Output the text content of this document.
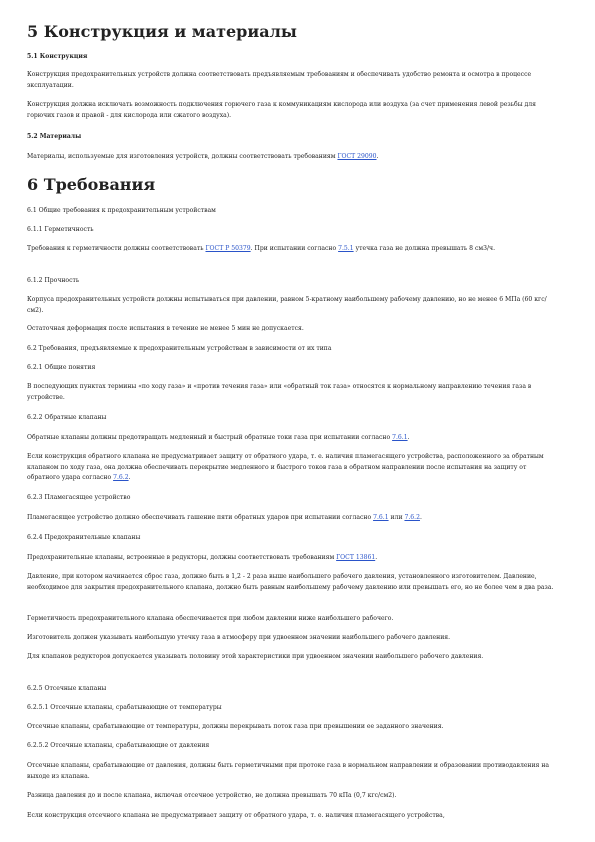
5 Конструкция и материалы
5.1 Конструкция
Конструкция предохранительных устройств должна соответствовать предъявляемым требованиям и обеспечивать удобство ремонта и осмотра в процессе эксплуатации.
Конструкция должна исключать возможность подключения горючего газа к коммуникациям кислорода или воздуха (за счет применения левой резьбы для горючих газов и правой - для кислорода или сжатого воздуха).
5.2 Материалы
Материалы, используемые для изготовления устройств, должны соответствовать требованиям ГОСТ 29090.
6 Требования
6.1 Общие требования к предохранительным устройствам
6.1.1 Герметичность
Требования к герметичности должны соответствовать ГОСТ Р 50379. При испытании согласно 7.5.1 утечка газа не должна превышать 8 см3/ч.
6.1.2 Прочность
Корпуса предохранительных устройств должны испытываться при давлении, равном 5-кратному наибольшему рабочему давлению, но не менее 6 МПа (60 кгс/см2).
Остаточная деформация после испытания в течение не менее 5 мин не допускается.
6.2 Требования, предъявляемые к предохранительным устройствам в зависимости от их типа
6.2.1 Общие понятия
В последующих пунктах термины «по ходу газа» и «против течения газа» или «обратный ток газа» относятся к нормальному направлению течения газа в устройстве.
6.2.2 Обратные клапаны
Обратные клапаны должны предотвращать медленный и быстрый обратные токи газа при испытании согласно 7.6.1.
Если конструкция обратного клапана не предусматривает защиту от обратного удара, т. е. наличия пламегасящего устройства, расположенного за обратным клапаном по ходу газа, она должна обеспечивать перекрытие медленного и быстрого токов газа в обратном направлении после испытания на защиту от обратного удара согласно 7.6.2.
6.2.3 Пламегасящее устройство
Пламегасящее устройство должно обеспечивать гашение пяти обратных ударов при испытании согласно 7.6.1 или 7.6.2.
6.2.4 Предохранительные клапаны
Предохранительные клапаны, встроенные в редукторы, должны соответствовать требованиям ГОСТ 13861.
Давление, при котором начинается сброс газа, должно быть в 1,2 - 2 раза выше наибольшего рабочего давления, установленного изготовителем. Давление, необходимое для закрытия предохранительного клапана, должно быть равным наибольшему рабочему давлению или превышать его, но не более чем в два раза.
Герметичность предохранительного клапана обеспечивается при любом давлении ниже наибольшего рабочего.
Изготовитель должен указывать наибольшую утечку газа в атмосферу при удвоенном значении наибольшего рабочего давления.
Для клапанов редукторов допускается указывать половину этой характеристики при удвоенном значении наибольшего рабочего давления.
6.2.5 Отсечные клапаны
6.2.5.1 Отсечные клапаны, срабатывающие от температуры
Отсечные клапаны, срабатывающие от температуры, должны перекрывать поток газа при превышении ее заданного значения.
6.2.5.2 Отсечные клапаны, срабатывающие от давления
Отсечные клапаны, срабатывающие от давления, должны быть герметичными при протоке газа в нормальном направлении и образовании противодавления на выходе из клапана.
Разница давления до и после клапана, включая отсечное устройство, не должна превышать 70 кПа (0,7 кгс/см2).
Если конструкция отсечного клапана не предусматривает защиту от обратного удара, т. е. наличия пламегасящего устройства,
